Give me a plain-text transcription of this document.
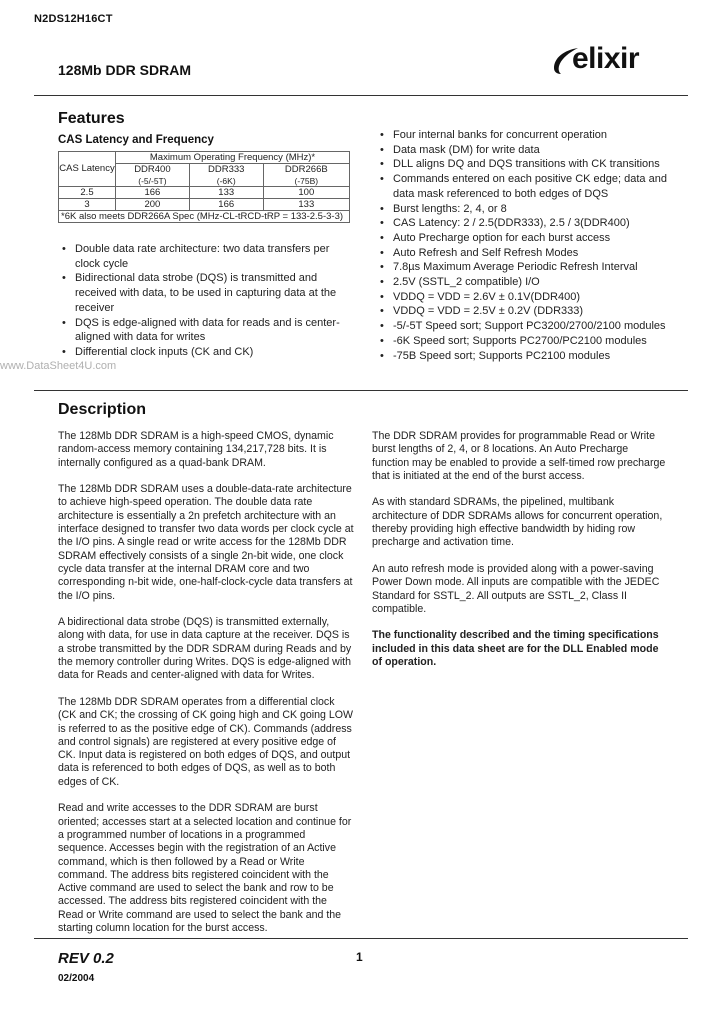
N2DS12H16CT
128Mb DDR SDRAM	elixir
Features
CAS Latency and Frequency
CAS Latency	Maximum Operating Frequency (MHz)*		
	DDR400	DDR333	DDR266B
	(-5/-5T)	(-6K)	(-75B)
2.5	166	133	100
3	200	166	133
*6K also meets DDR266A Spec (MHz-CL-tRCD-tRP = 133-2.5-3-3)			
• Double data rate architecture: two data transfers per clock cycle
• Bidirectional data strobe (DQS) is transmitted and received with data, to be used in capturing data at the receiver
• DQS is edge-aligned with data for reads and is center-aligned with data for writes
• Differential clock inputs (CK and CK)
• Four internal banks for concurrent operation
• Data mask (DM) for write data
• DLL aligns DQ and DQS transitions with CK transitions
• Commands entered on each positive CK edge; data and data mask referenced to both edges of DQS
• Burst lengths: 2, 4, or 8
• CAS Latency: 2 / 2.5(DDR333), 2.5 / 3(DDR400)
• Auto Precharge option for each burst access
• Auto Refresh and Self Refresh Modes
• 7.8µs Maximum Average Periodic Refresh Interval
• 2.5V (SSTL_2 compatible) I/O
• VDDQ = VDD = 2.6V ± 0.1V(DDR400)
• VDDQ = VDD = 2.5V ± 0.2V (DDR333)
• -5/-5T Speed sort; Support PC3200/2700/2100 modules
• -6K Speed sort; Supports PC2700/PC2100 modules
• -75B Speed sort; Supports PC2100 modules
www.DataSheet4U.com
Description

The 128Mb DDR SDRAM is a high-speed CMOS, dynamic random-access memory containing 134,217,728 bits. It is internally configured as a quad-bank DRAM.

The 128Mb DDR SDRAM uses a double-data-rate architecture to achieve high-speed operation. The double data rate architecture is essentially a 2n prefetch architecture with an interface designed to transfer two data words per clock cycle at the I/O pins. A single read or write access for the 128Mb DDR SDRAM effectively consists of a single 2n-bit wide, one clock cycle data transfer at the internal DRAM core and two corresponding n-bit wide, one-half-clock-cycle data transfers at the I/O pins.

A bidirectional data strobe (DQS) is transmitted externally, along with data, for use in data capture at the receiver. DQS is a strobe transmitted by the DDR SDRAM during Reads and by the memory controller during Writes. DQS is edge-aligned with data for Reads and center-aligned with data for Writes.

The 128Mb DDR SDRAM operates from a differential clock (CK and CK; the crossing of CK going high and CK going LOW is referred to as the positive edge of CK). Commands (address and control signals) are registered at every positive edge of CK. Input data is registered on both edges of DQS, and output data is referenced to both edges of DQS, as well as to both edges of CK.

Read and write accesses to the DDR SDRAM are burst oriented; accesses start at a selected location and continue for a programmed number of locations in a programmed sequence. Accesses begin with the registration of an Active command, which is then followed by a Read or Write command. The address bits registered coincident with the Active command are used to select the bank and row to be accessed. The address bits registered coincident with the Read or Write command are used to select the bank and the starting column location for the burst access.

The DDR SDRAM provides for programmable Read or Write burst lengths of 2, 4, or 8 locations. An Auto Precharge function may be enabled to provide a self-timed row precharge that is initiated at the end of the burst access.

As with standard SDRAMs, the pipelined, multibank architecture of DDR SDRAMs allows for concurrent operation, thereby providing high effective bandwidth by hiding row precharge and activation time.

An auto refresh mode is provided along with a power-saving Power Down mode. All inputs are compatible with the JEDEC Standard for SSTL_2. All outputs are SSTL_2, Class II compatible.

The functionality described and the timing specifications included in this data sheet are for the DLL Enabled mode of operation.

REV 0.2
02/2004
1
